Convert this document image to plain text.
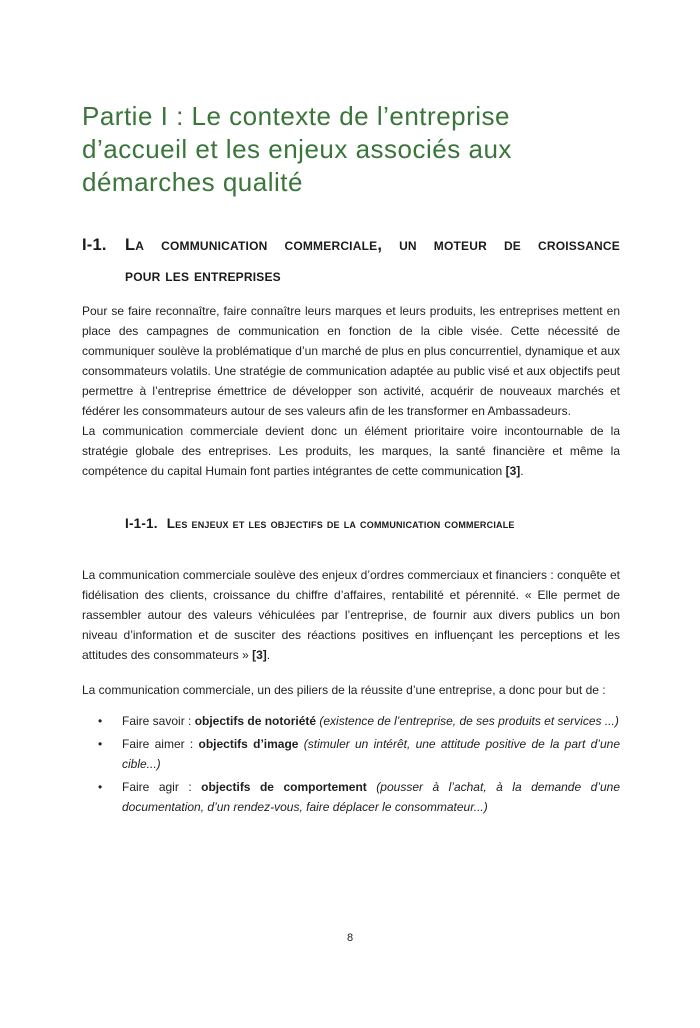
Partie I : Le contexte de l’entreprise
d’accueil et les enjeux associés aux
démarches qualité
I-1. La communication commerciale, un moteur de croissance
pour les entreprises

Pour se faire reconnaître, faire connaître leurs marques et leurs produits, les entreprises mettent en place des campagnes de communication en fonction de la cible visée. Cette nécessité de communiquer soulève la problématique d’un marché de plus en plus concurrentiel, dynamique et aux consommateurs volatils. Une stratégie de communication adaptée au public visé et aux objectifs peut permettre à l’entreprise émettrice de développer son activité, acquérir de nouveaux marchés et fédérer les consommateurs autour de ses valeurs afin de les transformer en Ambassadeurs.

La communication commerciale devient donc un élément prioritaire voire incontournable de la stratégie globale des entreprises. Les produits, les marques, la santé financière et même la compétence du capital Humain font parties intégrantes de cette communication [3].

I-1-1. Les enjeux et les objectifs de la communication commerciale

La communication commerciale soulève des enjeux d’ordres commerciaux et financiers : conquête et fidélisation des clients, croissance du chiffre d’affaires, rentabilité et pérennité. « Elle permet de rassembler autour des valeurs véhiculées par l’entreprise, de fournir aux divers publics un bon niveau d’information et de susciter des réactions positives en influençant les perceptions et les attitudes des consommateurs » [3].

La communication commerciale, un des piliers de la réussite d’une entreprise, a donc pour but de :

• Faire savoir : objectifs de notoriété (existence de l’entreprise, de ses produits et services ...)
• Faire aimer : objectifs d’image (stimuler un intérêt, une attitude positive de la part d’une cible...)
• Faire agir : objectifs de comportement (pousser à l’achat, à la demande d’une documentation, d’un rendez-vous, faire déplacer le consommateur...)
8
